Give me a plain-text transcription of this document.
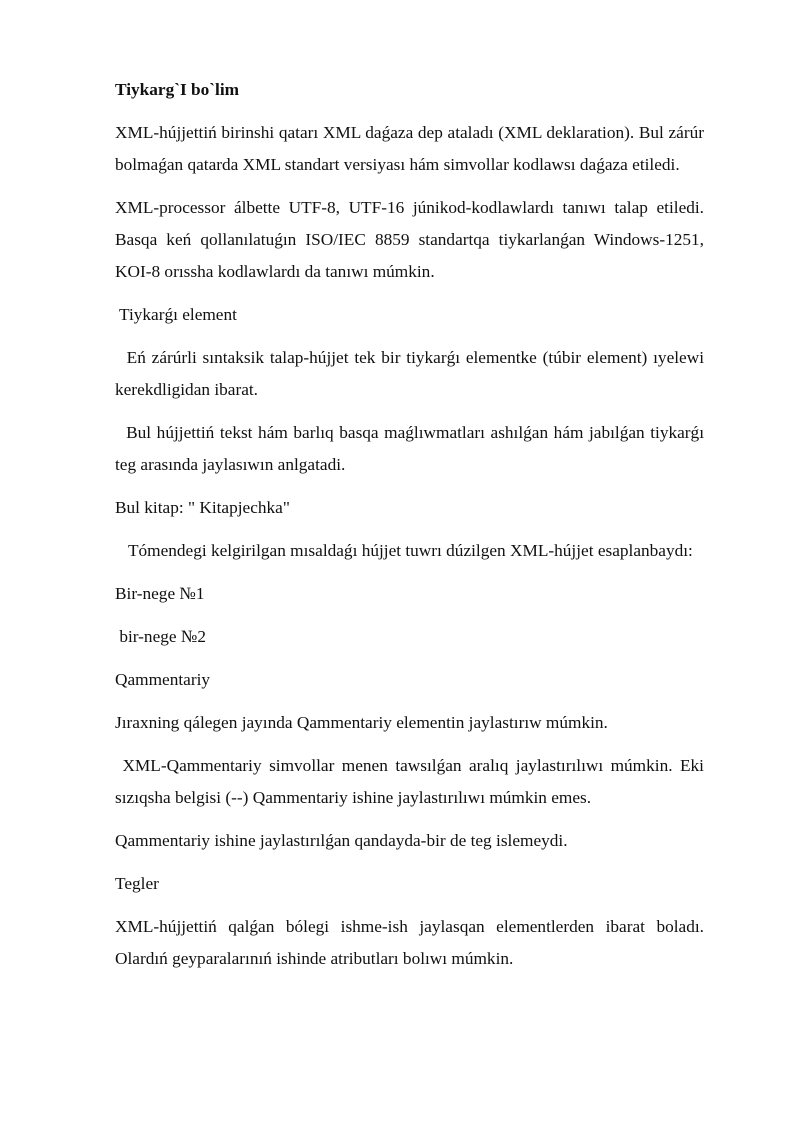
Tiykarg`I bo`lim

XML-hújjettiń birinshi qatarı XML daǵaza dep ataladı (XML deklaration). Bul zárúr bolmaǵan qatarda XML standart versiyası hám simvollar kodlawsı daǵaza etiledi.

XML-processor álbette UTF-8, UTF-16 júnikod-kodlawlardı tanıwı talap etiledi. Basqa keń qollanılatuǵın ISO/IEC 8859 standartqa tiykarlanǵan Windows-1251, KOI-8 orıssha kodlawlardı da tanıwı múmkin.

Tiykarǵı element

Eń zárúrli sıntaksik talap-hújjet tek bir tiykarǵı elementke (túbir element) ıyelewi kerekdligidan ibarat.

Bul hújjettiń tekst hám barlıq basqa maǵlıwmatları ashılǵan hám jabılǵan tiykarǵı teg arasında jaylasıwın anlgatadi.

Bul kitap: " Kitapjechka"

Tómendegi kelgirilgan mısaldaǵı hújjet tuwrı dúzilgen XML-hújjet esaplanbaydı:

Bir-nege №1

bir-nege №2

Qammentariy

Jıraxning qálegen jayında Qammentariy elementin jaylastırıw múmkin.

XML-Qammentariy simvollar menen tawsılǵan aralıq jaylastırılıwı múmkin. Eki sızıqsha belgisi (--) Qammentariy ishine jaylastırılıwı múmkin emes.

Qammentariy ishine jaylastırılǵan qandayda-bir de teg islemeydi.

Tegler

XML-hújjettiń qalǵan bólegi ishme-ish jaylasqan elementlerden ibarat boladı. Olardıń geyparalarınıń ishinde atributları bolıwı múmkin.
